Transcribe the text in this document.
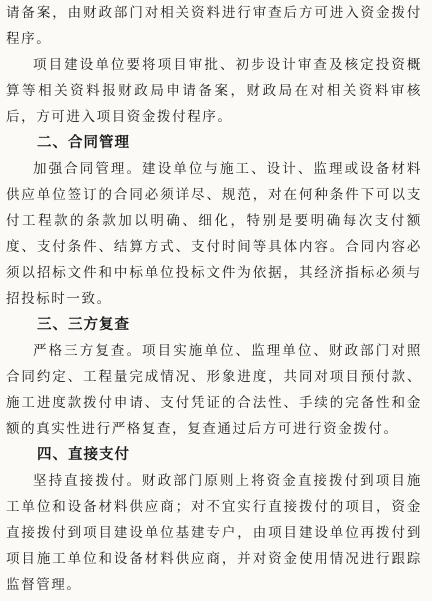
请备案，由财政部门对相关资料进行审查后方可进入资金拨付程序。

项目建设单位要将项目审批、初步设计审查及核定投资概算等相关资料报财政局申请备案，财政局在对相关资料审核后，方可进入项目资金拨付程序。

二、合同管理

加强合同管理。建设单位与施工、设计、监理或设备材料供应单位签订的合同必须详尽、规范，对在何种条件下可以支付工程款的条款加以明确、细化，特别是要明确每次支付额度、支付条件、结算方式、支付时间等具体内容。合同内容必须以招标文件和中标单位投标文件为依据，其经济指标必须与招投标时一致。

三、三方复查

严格三方复查。项目实施单位、监理单位、财政部门对照合同约定、工程量完成情况、形象进度，共同对项目预付款、施工进度款拨付申请、支付凭证的合法性、手续的完备性和金额的真实性进行严格复查，复查通过后方可进行资金拨付。

四、直接支付

坚持直接拨付。财政部门原则上将资金直接拨付到项目施工单位和设备材料供应商；对不宜实行直接拨付的项目，资金直接拨付到项目建设单位基建专户，由项目建设单位再拨付到项目施工单位和设备材料供应商，并对资金使用情况进行跟踪监督管理。
